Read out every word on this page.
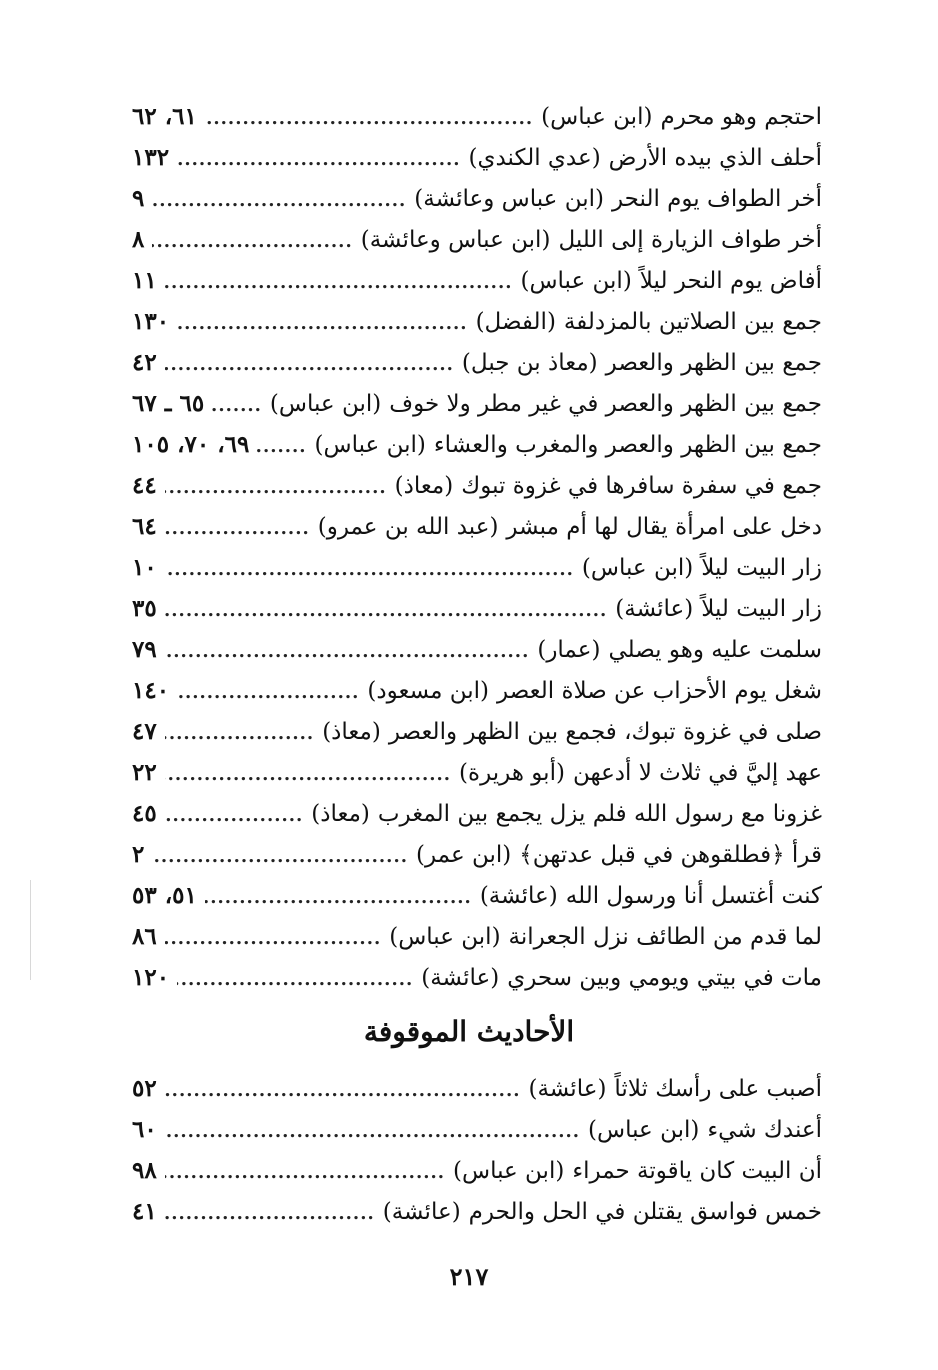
احتجم وهو محرم
(ابن عباس)
.....
٦١، ٦٢
أحلف الذي بيده الأرض
(عدي الكندي)
.....
١٣٢
أخر الطواف يوم النحر
(ابن عباس وعائشة)
.....
٩
أخر طواف الزيارة إلى الليل
(ابن عباس وعائشة)
.....
٨
أفاض يوم النحر ليلاً
(ابن عباس)
.....
١١
جمع بين الصلاتين بالمزدلفة
(الفضل)
.....
١٣٠
جمع بين الظهر والعصر
(معاذ بن جبل)
.....
٤٢
جمع بين الظهر والعصر في غير مطر ولا خوف
(ابن عباس)
.....
٦٥ ـ ٦٧
جمع بين الظهر والعصر والمغرب والعشاء
(ابن عباس)
.....
٦٩، ٧٠، ١٠٥
جمع في سفرة سافرها في غزوة تبوك
(معاذ)
.....
٤٤
دخل على امرأة يقال لها أم مبشر
(عبد الله بن عمرو)
.....
٦٤
زار البيت ليلاً
(ابن عباس)
.....
١٠
زار البيت ليلاً
(عائشة)
.....
٣٥
سلمت عليه وهو يصلي
(عمار)
.....
٧٩
شغل يوم الأحزاب عن صلاة العصر
(ابن مسعود)
.....
١٤٠
صلى في غزوة تبوك، فجمع بين الظهر والعصر
(معاذ)
.....
٤٧
عهد إليَّ في ثلاث لا أدعهن
(أبو هريرة)
.....
٢٢
غزونا مع رسول الله فلم يزل يجمع بين المغرب
(معاذ)
.....
٤٥
قرأ ﴿فطلقوهن في قبل عدتهن﴾
(ابن عمر)
.....
٢
كنت أغتسل أنا ورسول الله
(عائشة)
.....
٥١، ٥٣
لما قدم من الطائف نزل الجعرانة
(ابن عباس)
.....
٨٦
مات في بيتي ويومي وبين سحري
(عائشة)
.....
١٢٠
الأحاديث الموقوفة
أصبب على رأسك ثلاثاً
(عائشة)
.....
٥٢
أعندك شيء
(ابن عباس)
.....
٦٠
أن البيت كان ياقوتة حمراء
(ابن عباس)
.....
٩٨
خمس فواسق يقتلن في الحل والحرم
(عائشة)
.....
٤١
٢١٧
